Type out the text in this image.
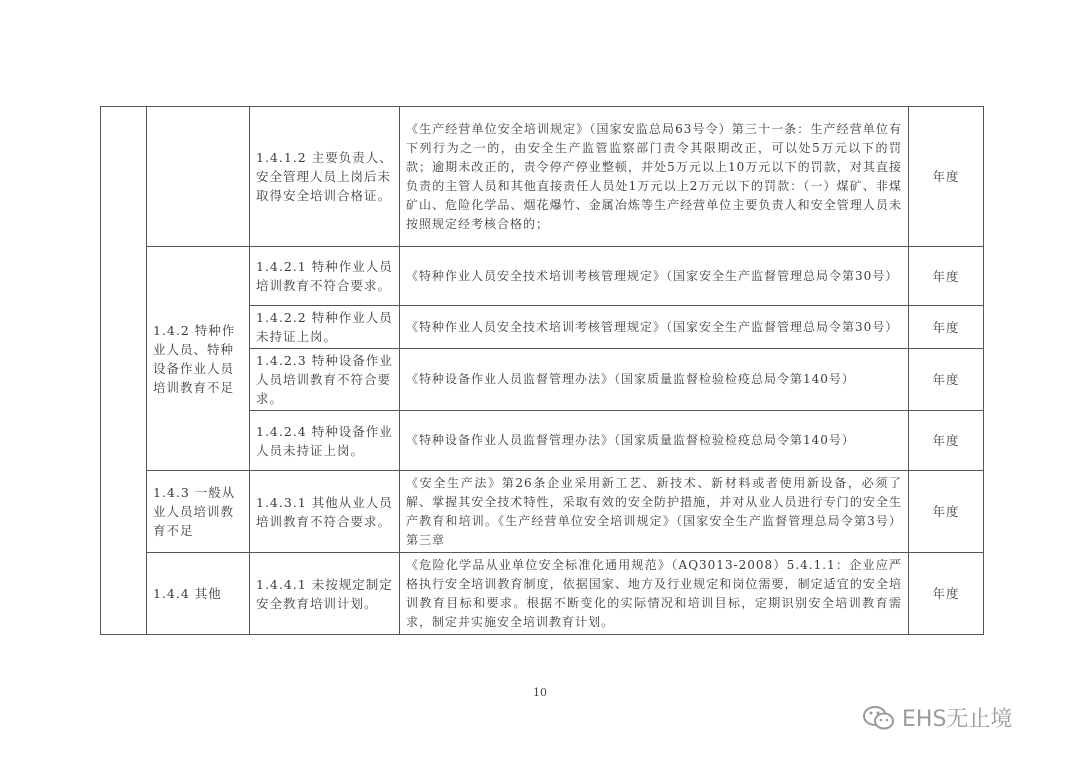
		1.4.1.2 主要负责人、安全管理人员上岗后未取得安全培训合格证。	《生产经营单位安全培训规定》（国家安监总局63号令）第三十一条：生产经营单位有下列行为之一的，由安全生产监管监察部门责令其限期改正，可以处5万元以下的罚款；逾期未改正的，责令停产停业整顿，并处5万元以上10万元以下的罚款，对其直接负责的主管人员和其他直接责任人员处1万元以上2万元以下的罚款：（一）煤矿、非煤矿山、危险化学品、烟花爆竹、金属冶炼等生产经营单位主要负责人和安全管理人员未按照规定经考核合格的；	年度
	1.4.2 特种作业人员、特种设备作业人员培训教育不足	1.4.2.1 特种作业人员培训教育不符合要求。	《特种作业人员安全技术培训考核管理规定》（国家安全生产监督管理总局令第30号）	年度
		1.4.2.2 特种作业人员未持证上岗。	《特种作业人员安全技术培训考核管理规定》（国家安全生产监督管理总局令第30号）	年度
		1.4.2.3 特种设备作业人员培训教育不符合要求。	《特种设备作业人员监督管理办法》（国家质量监督检验检疫总局令第140号）	年度
		1.4.2.4 特种设备作业人员未持证上岗。	《特种设备作业人员监督管理办法》（国家质量监督检验检疫总局令第140号）	年度
	1.4.3 一般从业人员培训教育不足	1.4.3.1 其他从业人员培训教育不符合要求。	《安全生产法》第26条企业采用新工艺、新技术、新材料或者使用新设备，必须了解、掌握其安全技术特性，采取有效的安全防护措施，并对从业人员进行专门的安全生产教育和培训。《生产经营单位安全培训规定》（国家安全生产监督管理总局令第3号）第三章	年度
	1.4.4 其他	1.4.4.1 未按规定制定安全教育培训计划。	《危险化学品从业单位安全标准化通用规范》（AQ3013-2008）5.4.1.1：企业应严格执行安全培训教育制度，依据国家、地方及行业规定和岗位需要，制定适宜的安全培训教育目标和要求。根据不断变化的实际情况和培训目标，定期识别安全培训教育需求，制定并实施安全培训教育计划。	年度
10
EHS无止境
